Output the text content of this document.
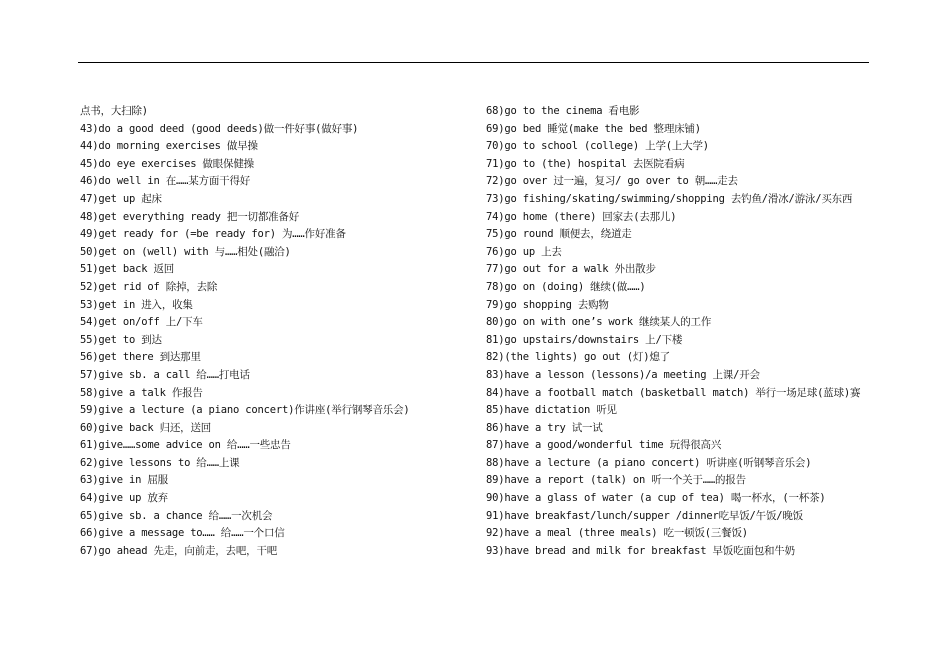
点书，大扫除)
43)do a good deed (good deeds)做一件好事(做好事)
44)do morning exercises 做早操
45)do eye exercises 做眼保健操
46)do well in 在……某方面干得好
47)get up 起床
48)get everything ready 把一切都准备好
49)get ready for (=be ready for) 为……作好准备
50)get on (well) with 与……相处(融洽)
51)get back 返回
52)get rid of 除掉，去除
53)get in 进入，收集
54)get on/off 上/下车
55)get to 到达
56)get there 到达那里
57)give sb. a call 给……打电话
58)give a talk 作报告
59)give a lecture (a piano concert)作讲座(举行钢琴音乐会)
60)give back 归还，送回
61)give……some advice on 给……一些忠告
62)give lessons to 给……上课
63)give in 屈服
64)give up 放弃
65)give sb. a chance 给……一次机会
66)give a message to…… 给……一个口信
67)go ahead 先走，向前走，去吧，干吧
68)go to the cinema 看电影
69)go bed 睡觉(make the bed 整理床铺)
70)go to school (college) 上学(上大学)
71)go to (the) hospital 去医院看病
72)go over 过一遍，复习/ go over to 朝……走去
73)go fishing/skating/swimming/shopping 去钓鱼/滑冰/游泳/买东西
74)go home (there) 回家去(去那儿)
75)go round 顺便去，绕道走
76)go up 上去
77)go out for a walk 外出散步
78)go on (doing) 继续(做……)
79)go shopping 去购物
80)go on with one’s work 继续某人的工作
81)go upstairs/downstairs 上/下楼
82)(the lights) go out (灯)熄了
83)have a lesson (lessons)/a meeting 上课/开会
84)have a football match (basketball match) 举行一场足球(蓝球)赛
85)have dictation 听见
86)have a try 试一试
87)have a good/wonderful time 玩得很高兴
88)have a lecture (a piano concert) 听讲座(听钢琴音乐会)
89)have a report (talk) on 听一个关于……的报告
90)have a glass of water (a cup of tea) 喝一杯水，(一杯茶)
91)have breakfast/lunch/supper /dinner吃早饭/午饭/晚饭
92)have a meal (three meals) 吃一顿饭(三餐饭)
93)have bread and milk for breakfast 早饭吃面包和牛奶
